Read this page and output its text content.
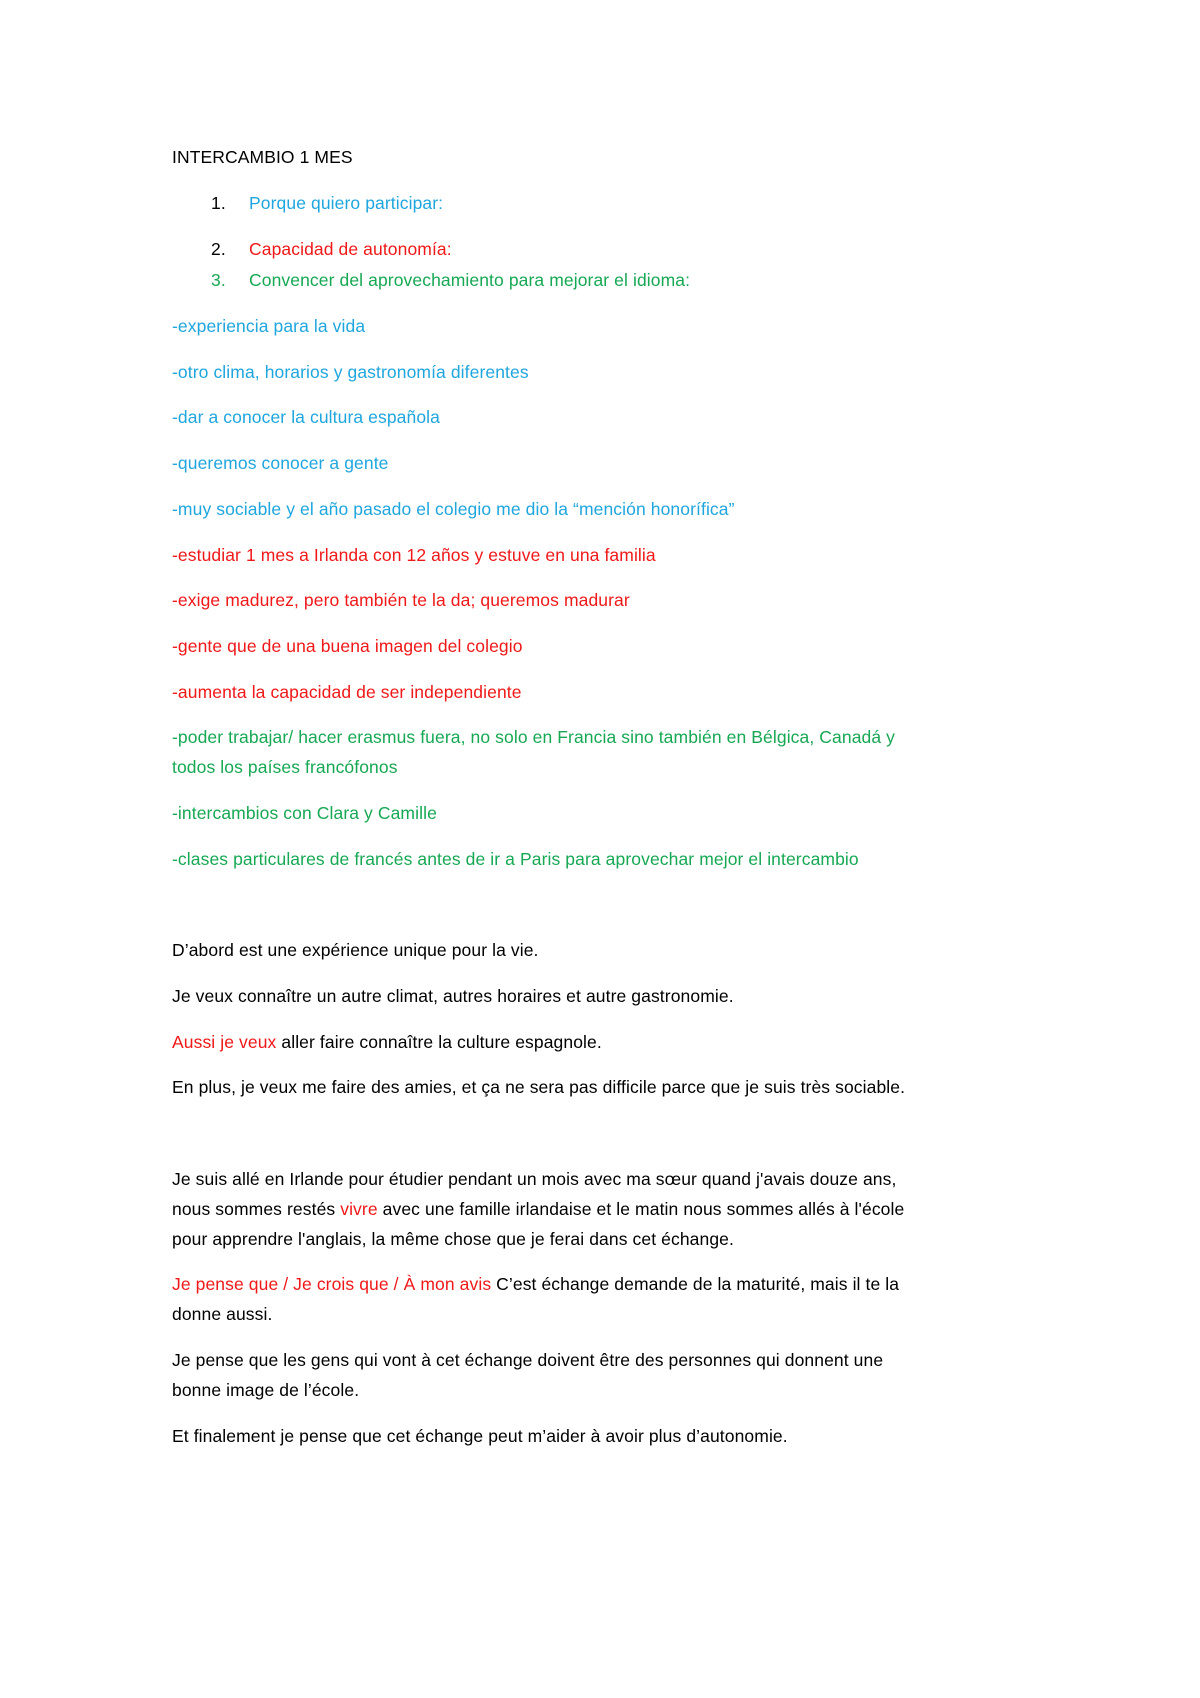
INTERCAMBIO 1 MES
1. Porque quiero participar:
2. Capacidad de autonomía:
3. Convencer del aprovechamiento para mejorar el idioma:
-experiencia para la vida
-otro clima, horarios y gastronomía diferentes
-dar a conocer la cultura española
-queremos conocer a gente
-muy sociable y el año pasado el colegio me dio la “mención honorífica”
-estudiar 1 mes a Irlanda con 12 años y estuve en una familia
-exige madurez, pero también te la da; queremos madurar
-gente que de una buena imagen del colegio
-aumenta la capacidad de ser independiente
-poder trabajar/ hacer erasmus fuera, no solo en Francia sino también en Bélgica, Canadá y
todos los países francófonos
-intercambios con Clara y Camille
-clases particulares de francés antes de ir a Paris para aprovechar mejor el intercambio
D’abord est une expérience unique pour la vie.
Je veux connaître un autre climat, autres horaires et autre gastronomie.
Aussi je veux aller faire connaître la culture espagnole.
En plus, je veux me faire des amies, et ça ne sera pas difficile parce que je suis très sociable.
Je suis allé en Irlande pour étudier pendant un mois avec ma sœur quand j'avais douze ans,
nous sommes restés vivre avec une famille irlandaise et le matin nous sommes allés à l'école
pour apprendre l'anglais, la même chose que je ferai dans cet échange.
Je pense que / Je crois que / À mon avis C’est échange demande de la maturité, mais il te la
donne aussi.
Je pense que les gens qui vont à cet échange doivent être des personnes qui donnent une
bonne image de l’école.
Et finalement je pense que cet échange peut m’aider à avoir plus d’autonomie.
